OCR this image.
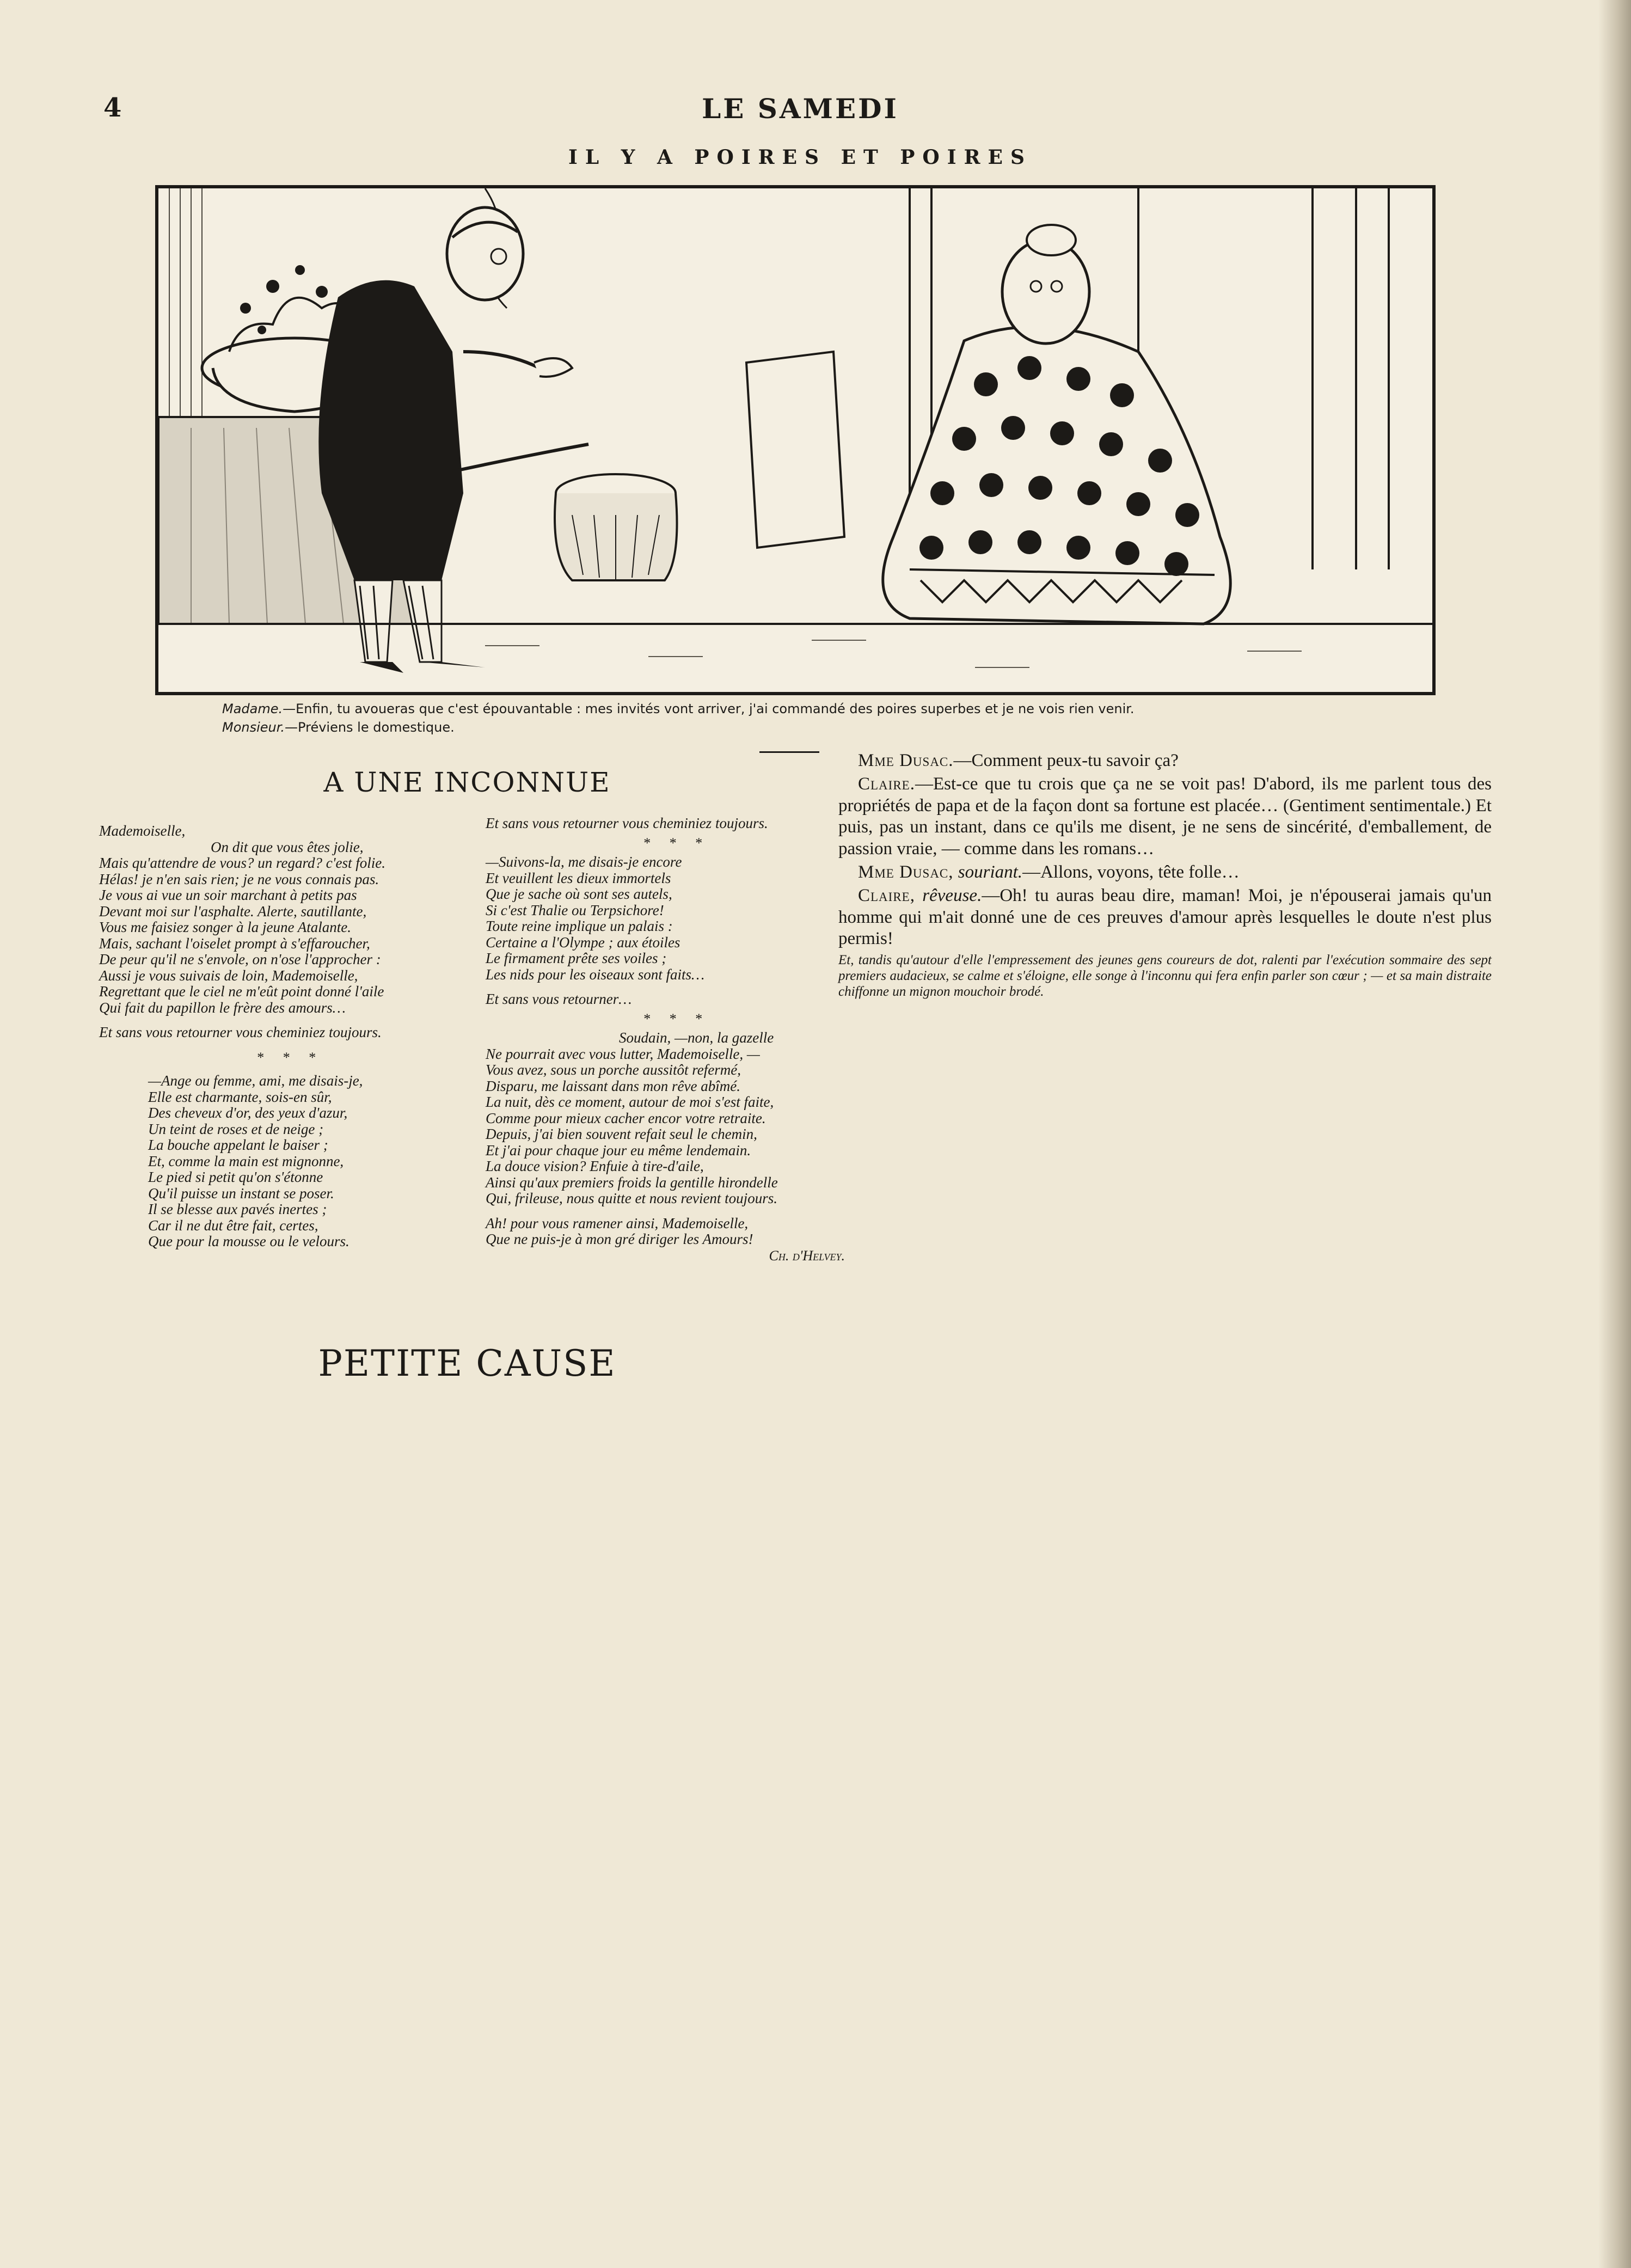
4	LE SAMEDI
IL Y A POIRES ET POIRES
Madame.—Enfin, tu avoueras que c'est épouvantable : mes invités vont arriver, j'ai commandé des poires superbes et je ne vois rien venir.
Monsieur.—Préviens le domestique.
A UNE INCONNUE

Mademoiselle,

On dit que vous êtes jolie,

Mais qu'attendre de vous? un regard? c'est folie.

Hélas! je n'en sais rien; je ne vous connais pas.

Je vous ai vue un soir marchant à petits pas

Devant moi sur l'asphalte. Alerte, sautillante,

Vous me faisiez songer à la jeune Atalante.

Mais, sachant l'oiselet prompt à s'effaroucher,

De peur qu'il ne s'envole, on n'ose l'approcher :

Aussi je vous suivais de loin, Mademoiselle,

Regrettant que le ciel ne m'eût point donné l'aile

Qui fait du papillon le frère des amours…

Et sans vous retourner vous cheminiez toujours.

* * *

—Ange ou femme, ami, me disais-je,

Elle est charmante, sois-en sûr,

Des cheveux d'or, des yeux d'azur,

Un teint de roses et de neige ;

La bouche appelant le baiser ;

Et, comme la main est mignonne,

Le pied si petit qu'on s'étonne

Qu'il puisse un instant se poser.

Il se blesse aux pavés inertes ;

Car il ne dut être fait, certes,

Que pour la mousse ou le velours.

Et sans vous retourner vous cheminiez toujours.

* * *

—Suivons-la, me disais-je encore

Et veuillent les dieux immortels

Que je sache où sont ses autels,

Si c'est Thalie ou Terpsichore!

Toute reine implique un palais :

Certaine a l'Olympe ; aux étoiles

Le firmament prête ses voiles ;

Les nids pour les oiseaux sont faits…

Et sans vous retourner…

* * *

Soudain, —non, la gazelle

Ne pourrait avec vous lutter, Mademoiselle, —

Vous avez, sous un porche aussitôt refermé,

Disparu, me laissant dans mon rêve abîmé.

La nuit, dès ce moment, autour de moi s'est faite,

Comme pour mieux cacher encor votre retraite.

Depuis, j'ai bien souvent refait seul le chemin,

Et j'ai pour chaque jour eu même lendemain.

La douce vision? Enfuie à tire-d'aile,

Ainsi qu'aux premiers froids la gentille hirondelle

Qui, frileuse, nous quitte et nous revient toujours.

Ah! pour vous ramener ainsi, Mademoiselle,

Que ne puis-je à mon gré diriger les Amours!

Ch. d'Helvey.

PETITE CAUSE

Mme Dusac.—Comment peux-tu savoir ça?

Claire.—Est-ce que tu crois que ça ne se voit pas! D'abord, ils me parlent tous des propriétés de papa et de la façon dont sa fortune est placée… (Gentiment sentimentale.) Et puis, pas un instant, dans ce qu'ils me disent, je ne sens de sincérité, d'emballement, de passion vraie, — comme dans les romans…

Mme Dusac, souriant.—Allons, voyons, tête folle…

Claire, rêveuse.—Oh! tu auras beau dire, maman! Moi, je n'épouserai jamais qu'un homme qui m'ait donné une de ces preuves d'amour après lesquelles le doute n'est plus permis!

Et, tandis qu'autour d'elle l'empressement des jeunes gens coureurs de dot, ralenti par l'exécution sommaire des sept premiers audacieux, se calme et s'éloigne, elle songe à l'inconnu qui fera enfin parler son cœur ; — et sa main distraite chiffonne un mignon mouchoir brodé.
